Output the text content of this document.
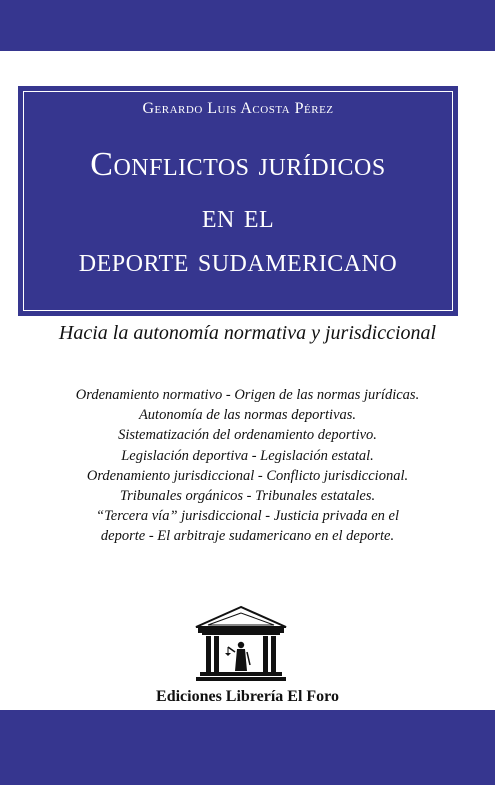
Gerardo Luis Acosta Pérez
Conflictos jurídicos
en el
deporte sudamericano
Hacia la autonomía normativa y jurisdiccional
Ordenamiento normativo - Origen de las normas jurídicas.
Autonomía de las normas deportivas.
Sistematización del ordenamiento deportivo.
Legislación deportiva - Legislación estatal.
Ordenamiento jurisdiccional - Conflicto jurisdiccional.
Tribunales orgánicos - Tribunales estatales.
“Tercera vía” jurisdiccional - Justicia privada en el
deporte - El arbitraje sudamericano en el deporte.
Ediciones Librería El Foro
